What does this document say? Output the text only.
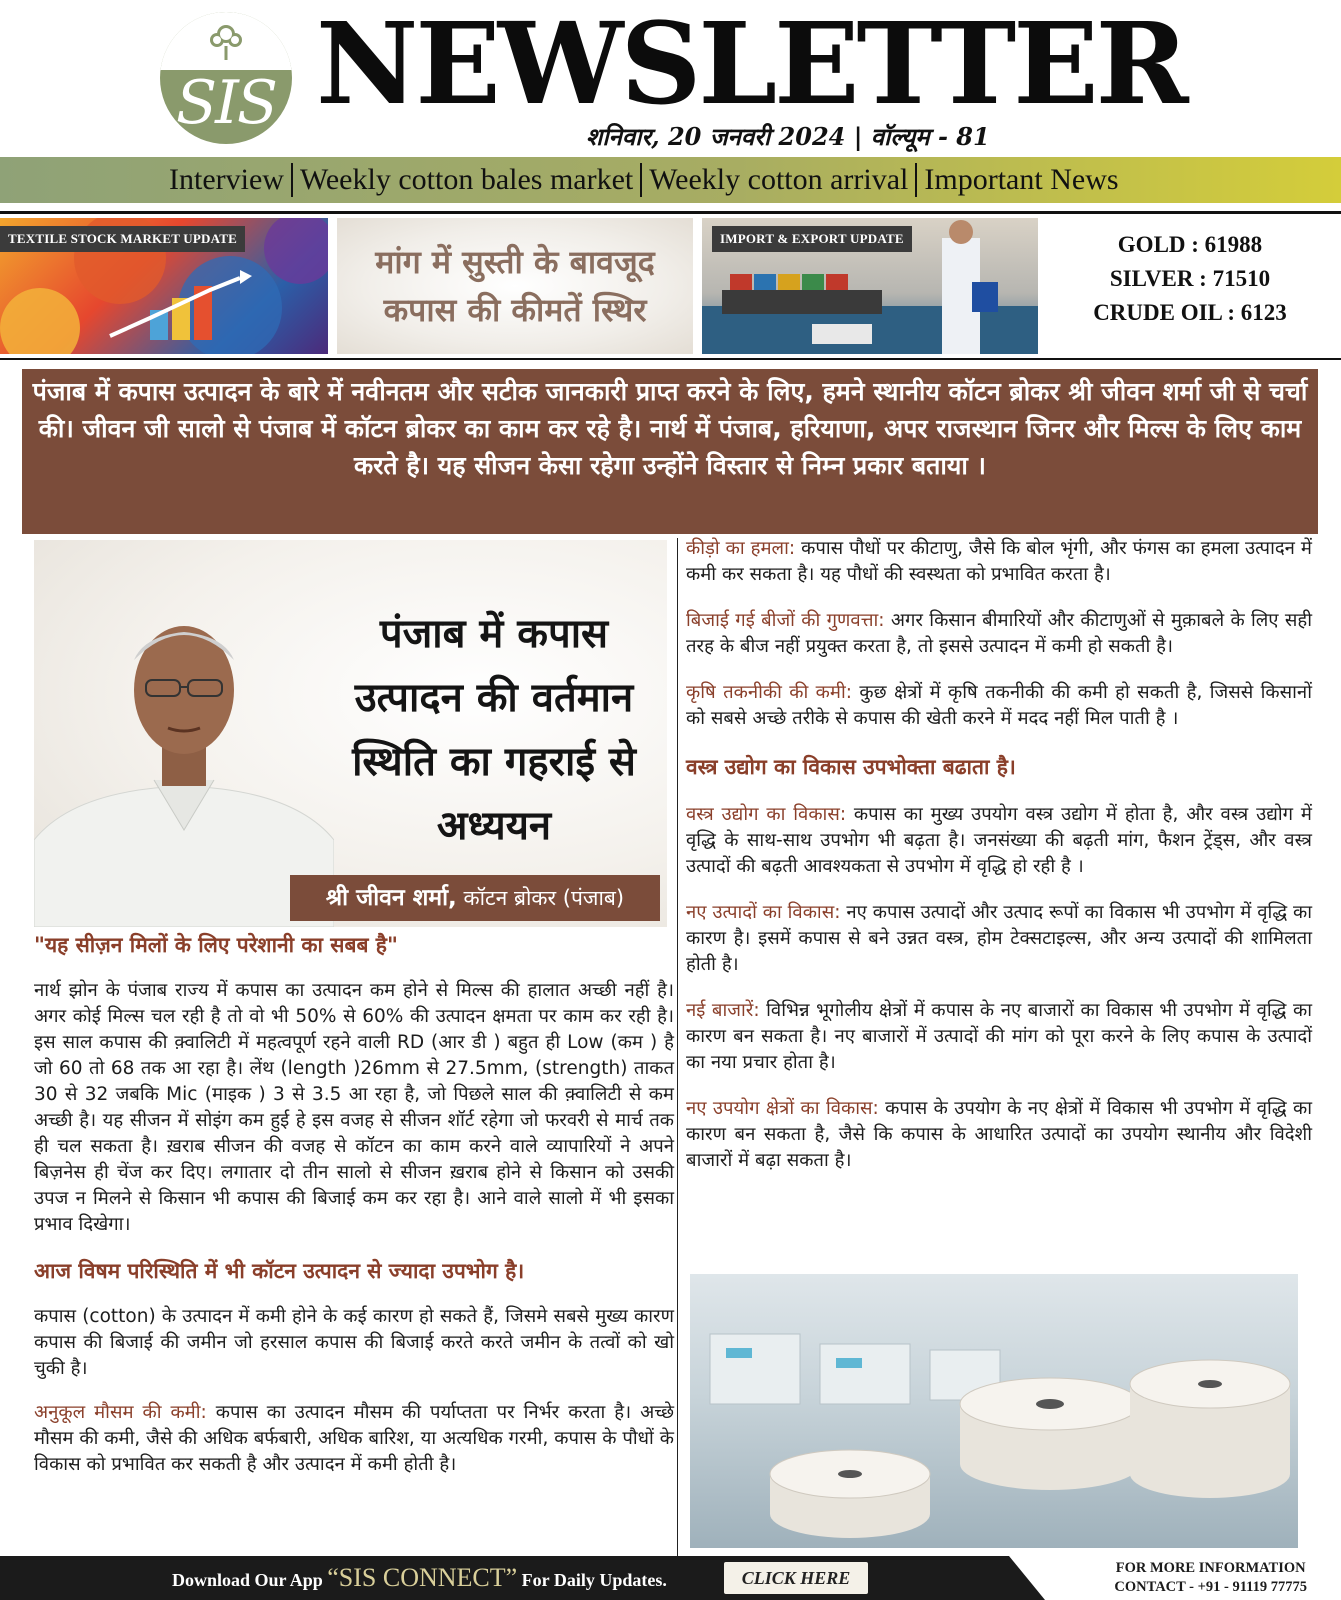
SIS NEWSLETTER
शनिवार, 20 जनवरी 2024 | वॉल्यूम - 81
Interview Weekly cotton bales market Weekly cotton arrival Important News
TEXTILE STOCK MARKET UPDATE
मांग में सुस्ती के बावजूद
कपास की कीमतें स्थिर
IMPORT & EXPORT UPDATE	GOLD : 61988
SILVER : 71510
CRUDE OIL : 6123
पंजाब में कपास उत्पादन के बारे में नवीनतम और सटीक जानकारी प्राप्त करने के लिए, हमने स्थानीय कॉटन ब्रोकर श्री जीवन शर्मा जी से चर्चा की। जीवन जी सालो से पंजाब में कॉटन ब्रोकर का काम कर रहे है। नार्थ में पंजाब, हरियाणा, अपर राजस्थान जिनर और मिल्स के लिए काम करते है। यह सीजन केसा रहेगा उन्होंने विस्तार से निम्न प्रकार बताया ।
पंजाब में कपास उत्पादन की वर्तमान स्थिति का गहराई से अध्ययन
श्री जीवन शर्मा, कॉटन ब्रोकर (पंजाब)
"यह सीज़न मिलों के लिए परेशानी का सबब है"
नार्थ झोन के पंजाब राज्य में कपास का उत्पादन कम होने से मिल्स की हालात अच्छी नहीं है। अगर कोई मिल्स चल रही है तो वो भी 50% से 60% की उत्पादन क्षमता पर काम कर रही है। इस साल कपास की क़्वालिटी में महत्वपूर्ण रहने वाली RD (आर डी ) बहुत ही Low (कम ) है जो 60 तो 68 तक आ रहा है। लेंथ (length )26mm से 27.5mm, (strength) ताकत 30 से 32 जबकि Mic (माइक ) 3 से 3.5 आ रहा है, जो पिछले साल की क़्वालिटी से कम अच्छी है। यह सीजन में सोइंग कम हुई हे इस वजह से सीजन शॉर्ट रहेगा जो फरवरी से मार्च तक ही चल सकता है। ख़राब सीजन की वजह से कॉटन का काम करने वाले व्यापारियों ने अपने बिज़नेस ही चेंज कर दिए। लगातार दो तीन सालो से सीजन ख़राब होने से किसान को उसकी उपज न मिलने से किसान भी कपास की बिजाई कम कर रहा है। आने वाले सालो में भी इसका प्रभाव दिखेगा।
आज विषम परिस्थिति में भी कॉटन उत्पादन से ज्यादा उपभोग है।
कपास (cotton) के उत्पादन में कमी होने के कई कारण हो सकते हैं, जिसमे सबसे मुख्य कारण कपास की बिजाई की जमीन जो हरसाल कपास की बिजाई करते करते जमीन के तत्वों को खो चुकी है।
अनुकूल मौसम की कमी: कपास का उत्पादन मौसम की पर्याप्तता पर निर्भर करता है। अच्छे मौसम की कमी, जैसे की अधिक बर्फबारी, अधिक बारिश, या अत्यधिक गरमी, कपास के पौधों के विकास को प्रभावित कर सकती है और उत्पादन में कमी होती है।
कीड़ो का हमला: कपास पौधों पर कीटाणु, जैसे कि बोल भृंगी, और फंगस का हमला उत्पादन में कमी कर सकता है। यह पौधों की स्वस्थता को प्रभावित करता है।
बिजाई गई बीजों की गुणवत्ता: अगर किसान बीमारियों और कीटाणुओं से मुक़ाबले के लिए सही तरह के बीज नहीं प्रयुक्त करता है, तो इससे उत्पादन में कमी हो सकती है।
कृषि तकनीकी की कमी: कुछ क्षेत्रों में कृषि तकनीकी की कमी हो सकती है, जिससे किसानों को सबसे अच्छे तरीके से कपास की खेती करने में मदद नहीं मिल पाती है ।
वस्त्र उद्योग का विकास उपभोक्ता बढाता है।
वस्त्र उद्योग का विकास: कपास का मुख्य उपयोग वस्त्र उद्योग में होता है, और वस्त्र उद्योग में वृद्धि के साथ-साथ उपभोग भी बढ़ता है। जनसंख्या की बढ़ती मांग, फैशन ट्रेंड्स, और वस्त्र उत्पादों की बढ़ती आवश्यकता से उपभोग में वृद्धि हो रही है ।
नए उत्पादों का विकास: नए कपास उत्पादों और उत्पाद रूपों का विकास भी उपभोग में वृद्धि का कारण है। इसमें कपास से बने उन्नत वस्त्र, होम टेक्सटाइल्स, और अन्य उत्पादों की शामिलता होती है।
नई बाजारें: विभिन्न भूगोलीय क्षेत्रों में कपास के नए बाजारों का विकास भी उपभोग में वृद्धि का कारण बन सकता है। नए बाजारों में उत्पादों की मांग को पूरा करने के लिए कपास के उत्पादों का नया प्रचार होता है।
नए उपयोग क्षेत्रों का विकास: कपास के उपयोग के नए क्षेत्रों में विकास भी उपभोग में वृद्धि का कारण बन सकता है, जैसे कि कपास के आधारित उत्पादों का उपयोग स्थानीय और विदेशी बाजारों में बढ़ा सकता है।
Download Our App “SIS CONNECT” For Daily Updates.	CLICK HERE	FOR MORE INFORMATION
CONTACT - +91 - 91119 77775
